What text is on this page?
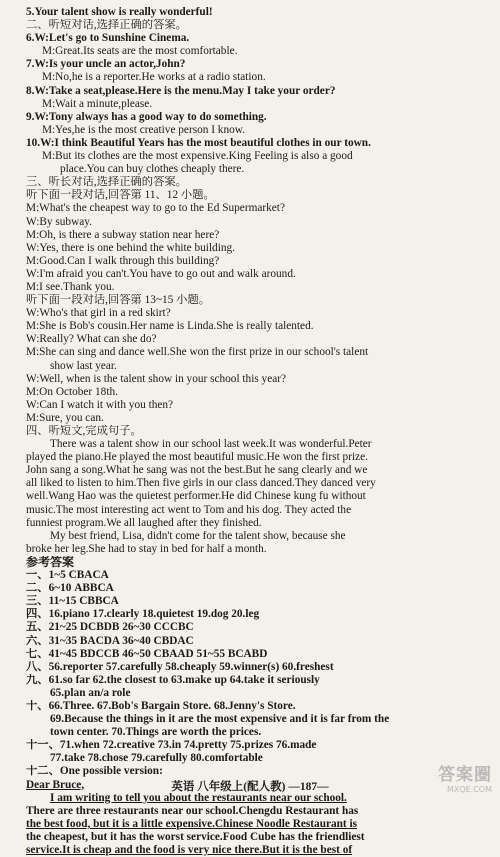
5.Your talent show is really wonderful!
二、听短对话,选择正确的答案。
6.W:Let's go to Sunshine Cinema.
M:Great.Its seats are the most comfortable.
7.W:Is your uncle an actor,John?
M:No,he is a reporter.He works at a radio station.
8.W:Take a seat,please.Here is the menu.May I take your order?
M:Wait a minute,please.
9.W:Tony always has a good way to do something.
M:Yes,he is the most creative person I know.
10.W:I think Beautiful Years has the most beautiful clothes in our town.
M:But its clothes are the most expensive.King Feeling is also a good
place.You can buy clothes cheaply there.
三、听长对话,选择正确的答案。
听下面一段对话,回答第 11、12 小题。
M:What's the cheapest way to go to the Ed Supermarket?
W:By subway.
M:Oh, is there a subway station near here?
W:Yes, there is one behind the white building.
M:Good.Can I walk through this building?
W:I'm afraid you can't.You have to go out and walk around.
M:I see.Thank you.
听下面一段对话,回答第 13~15 小题。
W:Who's that girl in a red skirt?
M:She is Bob's cousin.Her name is Linda.She is really talented.
W:Really? What can she do?
M:She can sing and dance well.She won the first prize in our school's talent
show last year.
W:Well, when is the talent show in your school this year?
M:On October 18th.
W:Can I watch it with you then?
M:Sure, you can.
四、听短文,完成句子。
There was a talent show in our school last week.It was wonderful.Peter
played the piano.He played the most beautiful music.He won the first prize.
John sang a song.What he sang was not the best.But he sang clearly and we
all liked to listen to him.Then five girls in our class danced.They danced very
well.Wang Hao was the quietest performer.He did Chinese kung fu without
music.The most interesting act went to Tom and his dog. They acted the
funniest program.We all laughed after they finished.
My best friend, Lisa, didn't come for the talent show, because she
broke her leg.She had to stay in bed for half a month.
参考答案
一、1~5 CBACA
二、6~10 ABBCA
三、11~15 CBBCA
四、16.piano 17.clearly 18.quietest 19.dog 20.leg
五、21~25 DCBDB 26~30 CCCBC
六、31~35 BACDA 36~40 CBDAC
七、41~45 BDCCB 46~50 CBAAD 51~55 BCABD
八、56.reporter 57.carefully 58.cheaply 59.winner(s) 60.freshest
九、61.so far 62.the closest to 63.make up 64.take it seriously
65.plan an/a role
十、66.Three. 67.Bob's Bargain Store. 68.Jenny's Store.
69.Because the things in it are the most expensive and it is far from the
town center. 70.Things are worth the prices.
十一、71.when 72.creative 73.in 74.pretty 75.prizes 76.made
77.take 78.chose 79.carefully 80.comfortable
十二、One possible version:
Dear Bruce,
I am writing to tell you about the restaurants near our school.
There are three restaurants near our school.Chengdu Restaurant has
the best food, but it is a little expensive.Chinese Noodle Restaurant is
the cheapest, but it has the worst service.Food Cube has the friendliest
service.It is cheap and the food is very nice there.But it is the best of
英语 八年级上(配人教) —187—
答案圈
MXQE.COM
